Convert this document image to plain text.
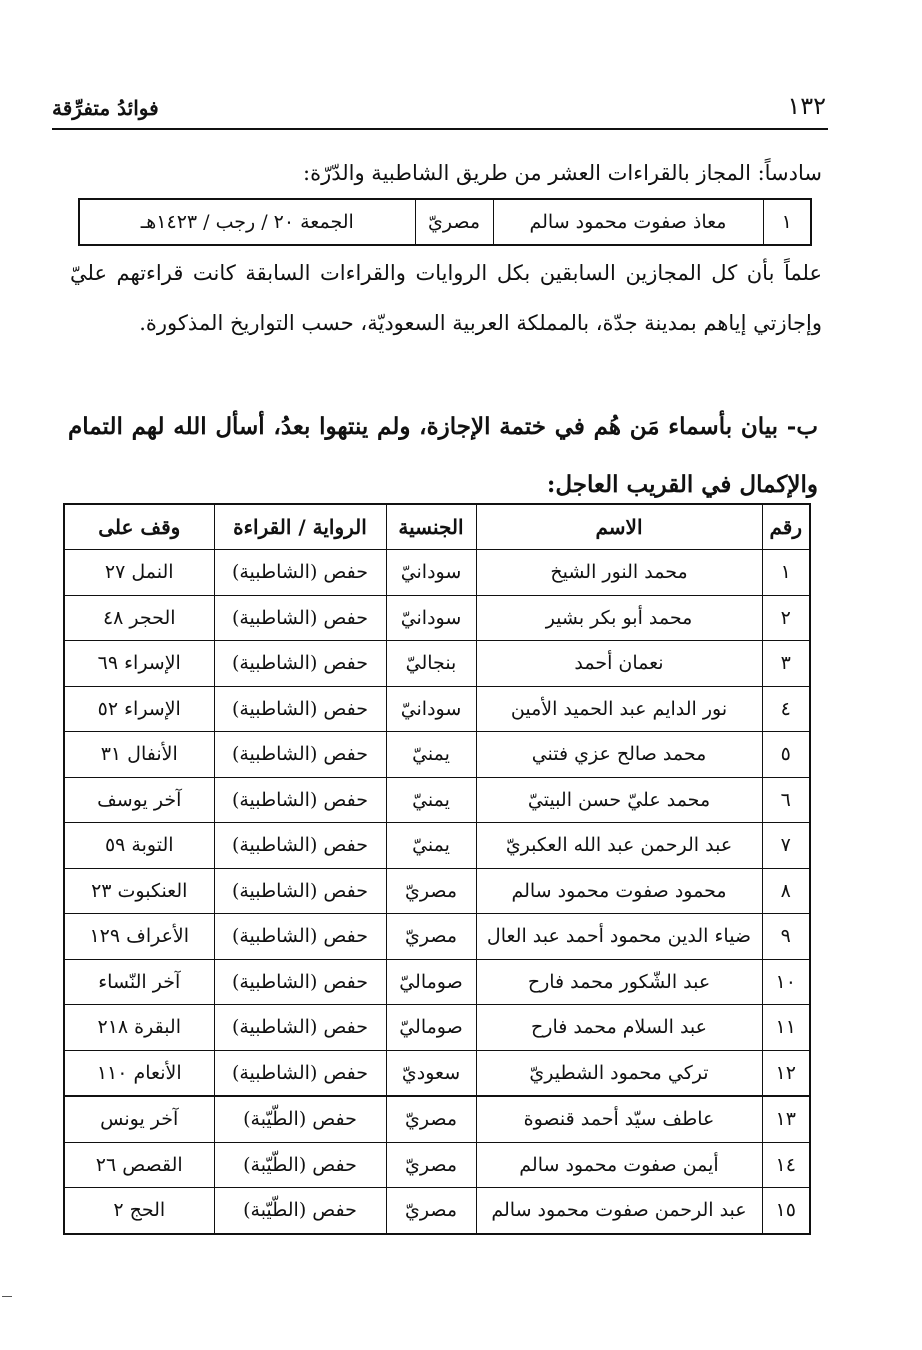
١٣٢
فوائدُ متفرِّقة
سادساً: المجاز بالقراءات العشر من طريق الشاطبية والدّرّة:
١	معاذ صفوت محمود سالم	مصريّ	الجمعة ٢٠ / رجب / ١٤٢٣هـ
علماً بأن كل المجازين السابقين بكل الروايات والقراءات السابقة كانت قراءتهم عليّ وإجازتي إياهم بمدينة جدّة، بالمملكة العربية السعوديّة، حسب التواريخ المذكورة.
ب- بيان بأسماء مَن هُم في ختمة الإجازة، ولم ينتهوا بعدُ، أسأل الله لهم التمام والإكمال في القريب العاجل:
رقم	الاسم	الجنسية	الرواية / القراءة	وقف على
١	محمد النور الشيخ	سودانيّ	حفص (الشاطبية)	النمل ٢٧
٢	محمد أبو بكر بشير	سودانيّ	حفص (الشاطبية)	الحجر ٤٨
٣	نعمان أحمد	بنجاليّ	حفص (الشاطبية)	الإسراء ٦٩
٤	نور الدايم عبد الحميد الأمين	سودانيّ	حفص (الشاطبية)	الإسراء ٥٢
٥	محمد صالح عزي فتني	يمنيّ	حفص (الشاطبية)	الأنفال ٣١
٦	محمد عليّ حسن البيتيّ	يمنيّ	حفص (الشاطبية)	آخر يوسف
٧	عبد الرحمن عبد الله العكبريّ	يمنيّ	حفص (الشاطبية)	التوبة ٥٩
٨	محمود صفوت محمود سالم	مصريّ	حفص (الشاطبية)	العنكبوت ٢٣
٩	ضياء الدين محمود أحمد عبد العال	مصريّ	حفص (الشاطبية)	الأعراف ١٢٩
١٠	عبد الشّكور محمد فارح	صوماليّ	حفص (الشاطبية)	آخر النّساء
١١	عبد السلام محمد فارح	صوماليّ	حفص (الشاطبية)	البقرة ٢١٨
١٢	تركي محمود الشطيريّ	سعوديّ	حفص (الشاطبية)	الأنعام ١١٠
١٣	عاطف سيّد أحمد قنصوة	مصريّ	حفص (الطّيّبة)	آخر يونس
١٤	أيمن صفوت محمود سالم	مصريّ	حفص (الطّيّبة)	القصص ٢٦
١٥	عبد الرحمن صفوت محمود سالم	مصريّ	حفص (الطّيّبة)	الحج ٢
